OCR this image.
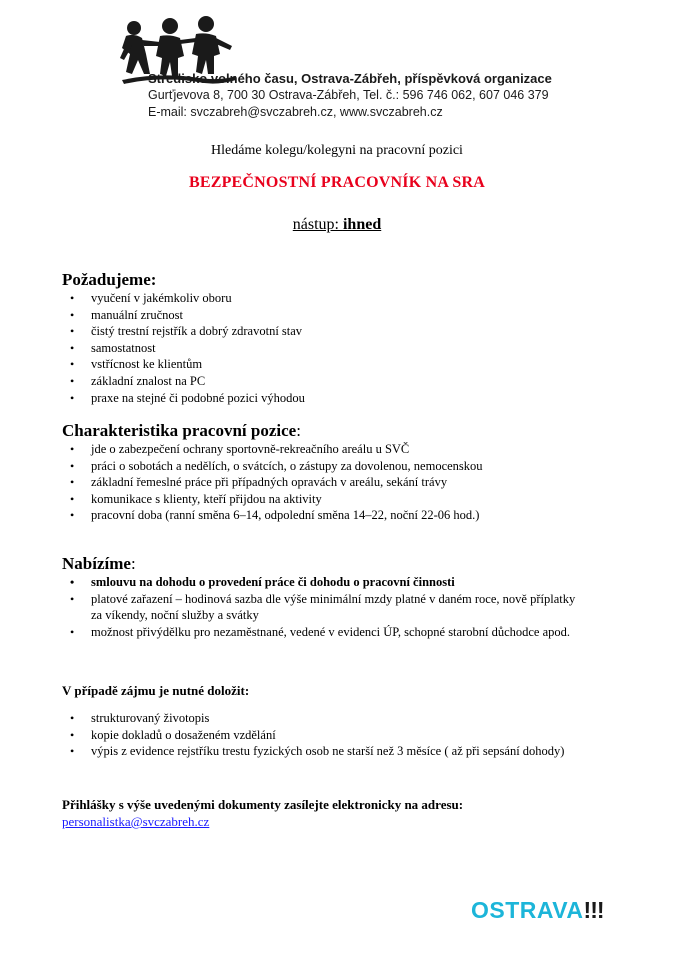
Středisko volného času, Ostrava-Zábřeh, příspěvková organizace
Gurťjevova 8, 700 30 Ostrava-Zábřeh, Tel. č.: 596 746 062, 607 046 379
E-mail: svczabreh@svczabreh.cz, www.svczabreh.cz
Hledáme kolegu/kolegyni na pracovní pozici
BEZPEČNOSTNÍ PRACOVNÍK NA SRA
nástup: ihned
Požadujeme:
• vyučení v jakémkoliv oboru
• manuální zručnost
• čistý trestní rejstřík a dobrý zdravotní stav
• samostatnost
• vstřícnost ke klientům
• základní znalost na PC
• praxe na stejné či podobné pozici výhodou
Charakteristika pracovní pozice:
• jde o zabezpečení ochrany sportovně-rekreačního areálu u SVČ
• práci o sobotách a nedělích, o svátcích, o zástupy za dovolenou, nemocenskou
• základní řemeslné práce při případných opravách v areálu, sekání trávy
• komunikace s klienty, kteří přijdou na aktivity
• pracovní doba (ranní směna 6–14, odpolední směna 14–22, noční 22-06 hod.)
Nabízíme:
• smlouvu na dohodu o provedení práce či dohodu o pracovní činnosti
• platové zařazení – hodinová sazba dle výše minimální mzdy platné v daném roce, nově příplatky za víkendy, noční služby a svátky
• možnost přivýdělku pro nezaměstnané, vedené v evidenci ÚP, schopné starobní důchodce apod.
V případě zájmu je nutné doložit:
• strukturovaný životopis
• kopie dokladů o dosaženém vzdělání
• výpis z evidence rejstříku trestu fyzických osob ne starší než 3 měsíce ( až při sepsání dohody)
Přihlášky s výše uvedenými dokumenty zasílejte elektronicky na adresu:
personalistka@svczabreh.cz
OSTRAVA!!!
